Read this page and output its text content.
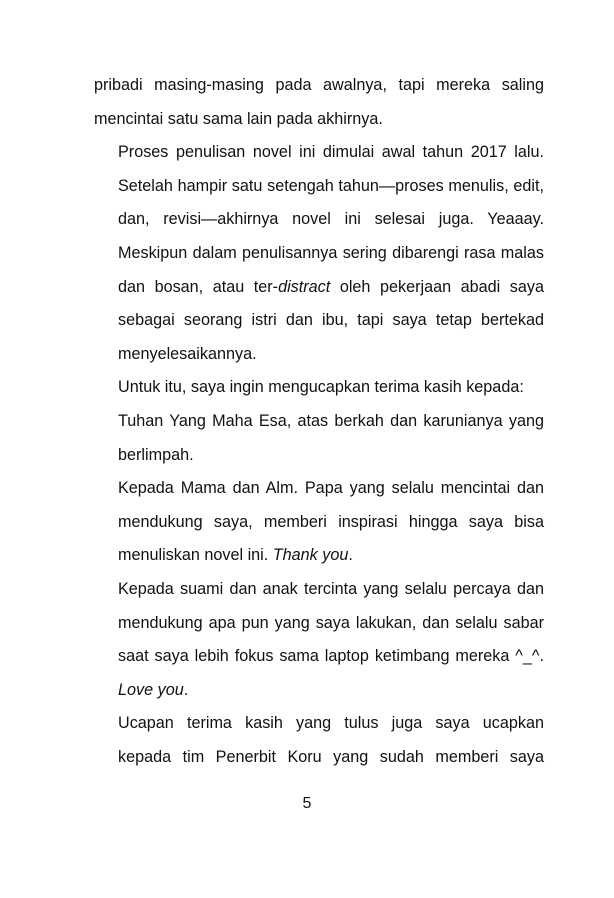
pribadi masing-masing pada awalnya, tapi mereka saling
mencintai satu sama lain pada akhirnya.

Proses penulisan novel ini dimulai awal tahun 2017 lalu.
Setelah hampir satu setengah tahun—proses menulis, edit,
dan, revisi—akhirnya novel ini selesai juga. Yeaaay.
Meskipun dalam penulisannya sering dibarengi rasa malas
dan bosan, atau ter-distract oleh pekerjaan abadi saya
sebagai seorang istri dan ibu, tapi saya tetap bertekad
menyelesaikannya.

Untuk itu, saya ingin mengucapkan terima kasih kepada:

Tuhan Yang Maha Esa, atas berkah dan karunianya yang
berlimpah.

Kepada Mama dan Alm. Papa yang selalu mencintai dan
mendukung saya, memberi inspirasi hingga saya bisa
menuliskan novel ini. Thank you.

Kepada suami dan anak tercinta yang selalu percaya dan
mendukung apa pun yang saya lakukan, dan selalu sabar
saat saya lebih fokus sama laptop ketimbang mereka ^_^.
Love you.

Ucapan terima kasih yang tulus juga saya ucapkan
kepada tim Penerbit Koru yang sudah memberi saya

5
